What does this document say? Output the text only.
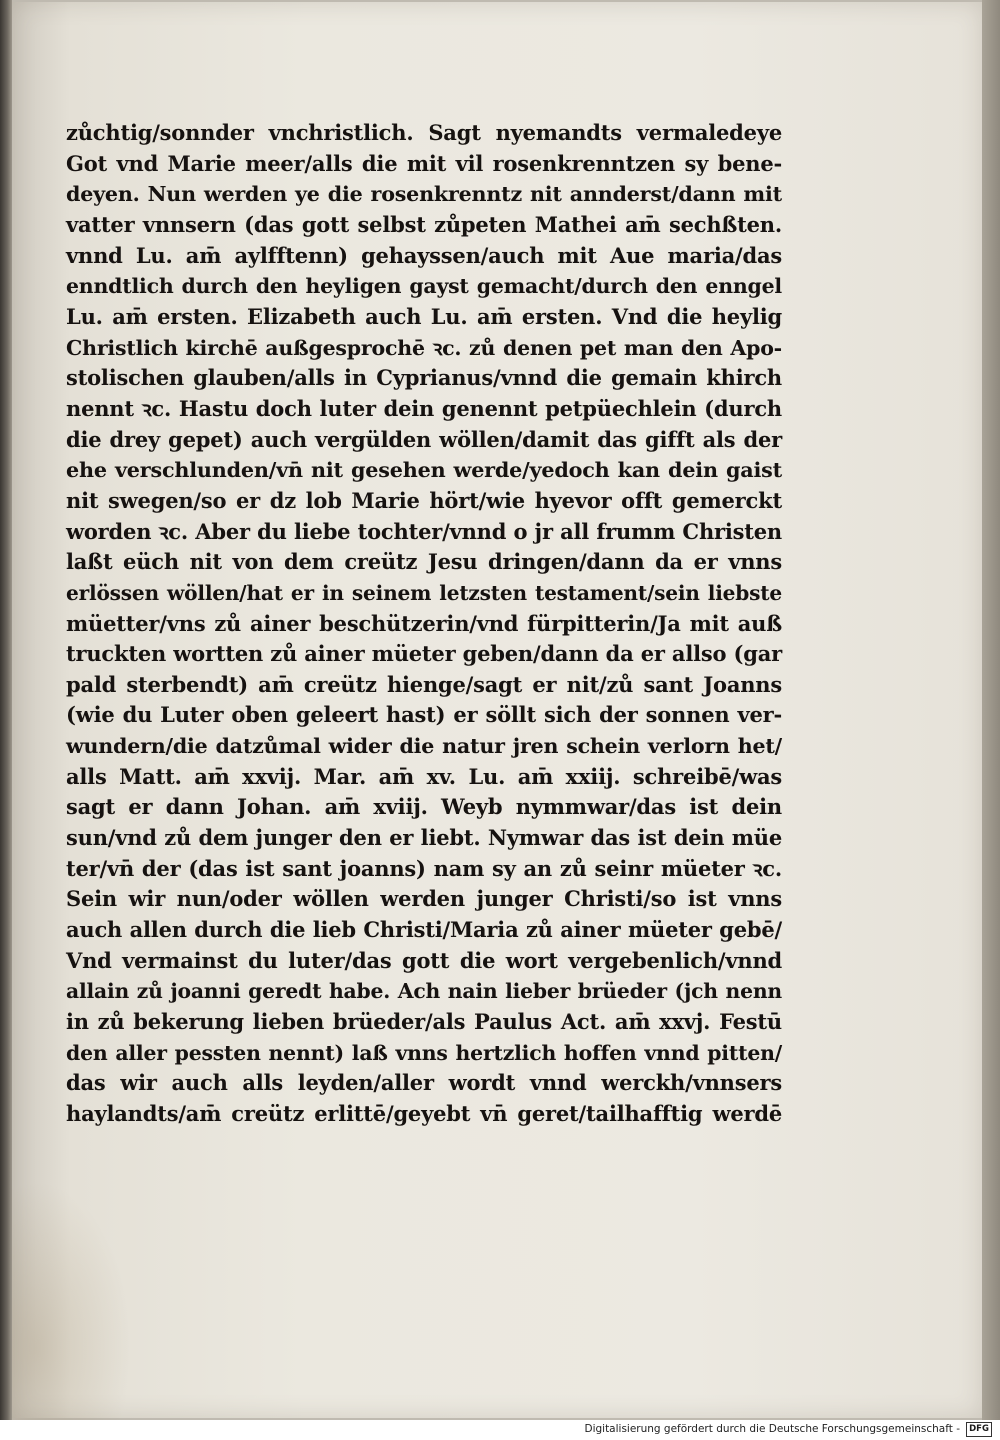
zůchtig/sonnder vnchristlich. Sagt nyemandts vermaledeye
Got vnd Marie meer/alls die mit vil rosenkrenntzen sy bene-
deyen. Nun werden ye die rosenkrenntz nit annderst/dann mit
vatter vnnsern (das gott selbst zůpeten Mathei am̄ sechßten.
vnnd Lu. am̄ aylfftenn) gehayssen/auch mit Aue maria/das
enndtlich durch den heyligen gayst gemacht/durch den enngel
Lu. am̄ ersten. Elizabeth auch Lu. am̄ ersten. Vnd die heylig
Christlich kirchē außgesprochē ꝛc. zů denen pet man den Apo-
stolischen glauben/alls in Cyprianus/vnnd die gemain khirch
nennt ꝛc. Hastu doch luter dein genennt petpüechlein (durch
die drey gepet) auch vergülden wöllen/damit das gifft als der
ehe verschlunden/vn̄ nit gesehen werde/yedoch kan dein gaist
nit swegen/so er dz lob Marie hört/wie hyevor offt gemerckt
worden ꝛc. Aber du liebe tochter/vnnd o jr all frumm Christen
laßt eüch nit von dem creütz Jesu dringen/dann da er vnns
erlössen wöllen/hat er in seinem letzsten testament/sein liebste
müetter/vns zů ainer beschützerin/vnd fürpitterin/Ja mit auß
truckten wortten zů ainer müeter geben/dann da er allso (gar
pald sterbendt) am̄ creütz hienge/sagt er nit/zů sant Joanns
(wie du Luter oben geleert hast) er söllt sich der sonnen ver-
wundern/die datzůmal wider die natur jren schein verlorn het/
alls Matt. am̄ xxvij. Mar. am̄ xv. Lu. am̄ xxiij. schreibē/was
sagt er dann Johan. am̄ xviij. Weyb nymmwar/das ist dein
sun/vnd zů dem junger den er liebt. Nymwar das ist dein müe
ter/vn̄ der (das ist sant joanns) nam sy an zů seinr müeter ꝛc.
Sein wir nun/oder wöllen werden junger Christi/so ist vnns
auch allen durch die lieb Christi/Maria zů ainer müeter gebē/
Vnd vermainst du luter/das gott die wort vergebenlich/vnnd
allain zů joanni geredt habe. Ach nain lieber brüeder (jch nenn
in zů bekerung lieben brüeder/als Paulus Act. am̄ xxvj. Festū
den aller pessten nennt) laß vnns hertzlich hoffen vnnd pitten/
das wir auch alls leyden/aller wordt vnnd werckh/vnnsers
haylandts/am̄ creütz erlittē/geyebt vn̄ geret/tailhafftig werdē
Digitalisierung gefördert durch die Deutsche Forschungsgemeinschaft -	DFG
